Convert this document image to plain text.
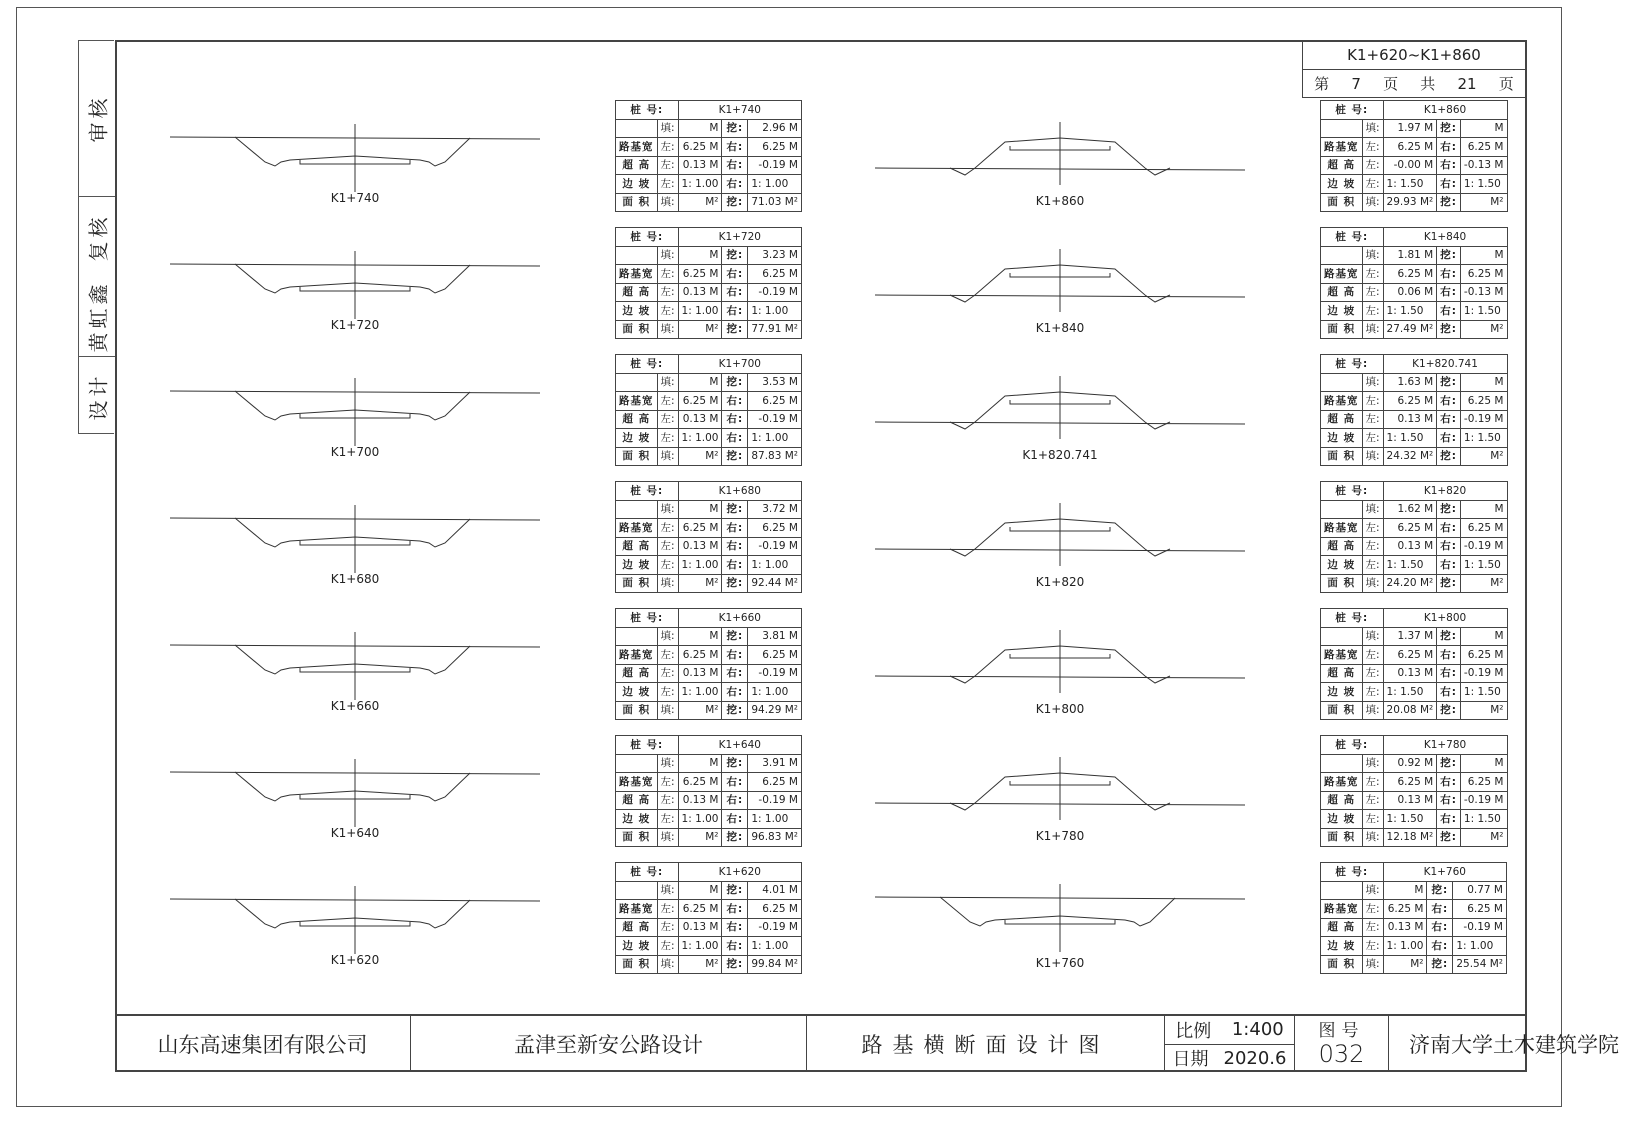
审核
复核
黄虹鑫
设计
K1+620~K1+860
第 7 页 共 21 页
桩 号:		K1+740		
	填:	M	挖:	2.96 M
路基宽	左:	6.25 M	右:	6.25 M
超 高	左:	0.13 M	右:	-0.19 M
边 坡	左:	1: 1.00	右:	1: 1.00
面 积	填:	M²	挖:	71.03 M²
K1+740
桩 号:		K1+720		
	填:	M	挖:	3.23 M
路基宽	左:	6.25 M	右:	6.25 M
超 高	左:	0.13 M	右:	-0.19 M
边 坡	左:	1: 1.00	右:	1: 1.00
面 积	填:	M²	挖:	77.91 M²
K1+720
桩 号:		K1+700		
	填:	M	挖:	3.53 M
路基宽	左:	6.25 M	右:	6.25 M
超 高	左:	0.13 M	右:	-0.19 M
边 坡	左:	1: 1.00	右:	1: 1.00
面 积	填:	M²	挖:	87.83 M²
K1+700
桩 号:		K1+680		
	填:	M	挖:	3.72 M
路基宽	左:	6.25 M	右:	6.25 M
超 高	左:	0.13 M	右:	-0.19 M
边 坡	左:	1: 1.00	右:	1: 1.00
面 积	填:	M²	挖:	92.44 M²
K1+680
桩 号:		K1+660		
	填:	M	挖:	3.81 M
路基宽	左:	6.25 M	右:	6.25 M
超 高	左:	0.13 M	右:	-0.19 M
边 坡	左:	1: 1.00	右:	1: 1.00
面 积	填:	M²	挖:	94.29 M²
K1+660
桩 号:		K1+640		
	填:	M	挖:	3.91 M
路基宽	左:	6.25 M	右:	6.25 M
超 高	左:	0.13 M	右:	-0.19 M
边 坡	左:	1: 1.00	右:	1: 1.00
面 积	填:	M²	挖:	96.83 M²
K1+640
桩 号:		K1+620		
	填:	M	挖:	4.01 M
路基宽	左:	6.25 M	右:	6.25 M
超 高	左:	0.13 M	右:	-0.19 M
边 坡	左:	1: 1.00	右:	1: 1.00
面 积	填:	M²	挖:	99.84 M²
K1+620
桩 号:		K1+860		
	填:	1.97 M	挖:	M
路基宽	左:	6.25 M	右:	6.25 M
超 高	左:	-0.00 M	右:	-0.13 M
边 坡	左:	1: 1.50	右:	1: 1.50
面 积	填:	29.93 M²	挖:	M²
K1+860
桩 号:		K1+840		
	填:	1.81 M	挖:	M
路基宽	左:	6.25 M	右:	6.25 M
超 高	左:	0.06 M	右:	-0.13 M
边 坡	左:	1: 1.50	右:	1: 1.50
面 积	填:	27.49 M²	挖:	M²
K1+840
桩 号:		K1+820.741		
	填:	1.63 M	挖:	M
路基宽	左:	6.25 M	右:	6.25 M
超 高	左:	0.13 M	右:	-0.19 M
边 坡	左:	1: 1.50	右:	1: 1.50
面 积	填:	24.32 M²	挖:	M²
K1+820.741
桩 号:		K1+820		
	填:	1.62 M	挖:	M
路基宽	左:	6.25 M	右:	6.25 M
超 高	左:	0.13 M	右:	-0.19 M
边 坡	左:	1: 1.50	右:	1: 1.50
面 积	填:	24.20 M²	挖:	M²
K1+820
桩 号:		K1+800		
	填:	1.37 M	挖:	M
路基宽	左:	6.25 M	右:	6.25 M
超 高	左:	0.13 M	右:	-0.19 M
边 坡	左:	1: 1.50	右:	1: 1.50
面 积	填:	20.08 M²	挖:	M²
K1+800
桩 号:		K1+780		
	填:	0.92 M	挖:	M
路基宽	左:	6.25 M	右:	6.25 M
超 高	左:	0.13 M	右:	-0.19 M
边 坡	左:	1: 1.50	右:	1: 1.50
面 积	填:	12.18 M²	挖:	M²
K1+780
桩 号:		K1+760		
	填:	M	挖:	0.77 M
路基宽	左:	6.25 M	右:	6.25 M
超 高	左:	0.13 M	右:	-0.19 M
边 坡	左:	1: 1.00	右:	1: 1.00
面 积	填:	M²	挖:	25.54 M²
K1+760
山东高速集团有限公司	孟津至新安公路设计	路基横断面设计图
比例 1:400
日期 2020.6
图号
032 济南大学土木建筑学院
